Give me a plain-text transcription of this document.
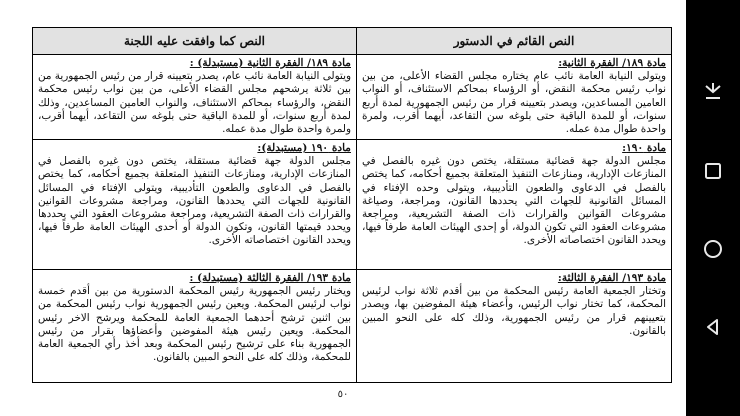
النص كما وافقت عليه اللجنة	النص القائم في الدستور
مادة ١٨٩/ الفقرة الثانية (مستبدلة) :
ويتولى النيابة العامة نائب عام، يصدر بتعيينه قرار من رئيس الجمهورية من بين ثلاثة يرشحهم مجلس القضاء الأعلى، من بين نواب رئيس محكمة النقض، والرؤساء بمحاكم الاستئناف، والنواب العامين المساعدين، وذلك لمدة أربع سنوات، أو للمدة الباقية حتى بلوغه سن التقاعد، أيهما أقرب، ولمرة واحدة طوال مدة عمله.
مادة ١٨٩/ الفقرة الثانية:
ويتولى النيابة العامة نائب عام يختاره مجلس القضاء الأعلى، من بين نواب رئيس محكمة النقض، أو الرؤساء بمحاكم الاستئناف، أو النواب العامين المساعدين، ويصدر بتعيينه قرار من رئيس الجمهورية لمدة أربع سنوات، أو للمدة الباقية حتى بلوغه سن التقاعد، أيهما أقرب، ولمرة واحدة طوال مدة عمله.
مادة ١٩٠ (مستبدلة):
مجلس الدولة جهة قضائية مستقلة، يختص دون غيره بالفصل في المنازعات الإدارية، ومنازعات التنفيذ المتعلقة بجميع أحكامه، كما يختص بالفصل في الدعاوى والطعون التأديبية، ويتولى الإفتاء في المسائل القانونية للجهات التي يحددها القانون، ومراجعة مشروعات القوانين والقرارات ذات الصفة التشريعية، ومراجعة مشروعات العقود التي يحددها ويحدد قيمتها القانون، وتكون الدولة أو أحدى الهيئات العامة طرفاً فيها، ويحدد القانون اختصاصاته الأخرى.
مادة ١٩٠:
مجلس الدولة جهة قضائية مستقلة، يختص دون غيره بالفصل في المنازعات الإدارية، ومنازعات التنفيذ المتعلقة بجميع أحكامه، كما يختص بالفصل في الدعاوى والطعون التأديبية، ويتولى وحده الإفتاء في المسائل القانونية للجهات التي يحددها القانون، ومراجعة، وصياغة مشروعات القوانين والقرارات ذات الصفة التشريعية، ومراجعة مشروعات العقود التي تكون الدولة، أو إحدى الهيئات العامة طرفاً فيها، ويحدد القانون اختصاصاته الأخرى.
مادة ١٩٣/ الفقرة الثالثة (مستبدلة) :
ويختار رئيس الجمهورية رئيس المحكمة الدستورية من بين أقدم خمسة نواب لرئيس المحكمة. ويعين رئيس الجمهورية نواب رئيس المحكمة من بين اثنين ترشح أحدهما الجمعية العامة للمحكمة ويرشح الاخر رئيس المحكمة. ويعين رئيس هيئة المفوضين وأعضاؤها بقرار من رئيس الجمهورية بناء على ترشيح رئيس المحكمة وبعد أخذ رأي الجمعية العامة للمحكمة، وذلك كله على النحو المبين بالقانون.
مادة ١٩٣/ الفقرة الثالثة:
وتختار الجمعية العامة رئيس المحكمة من بين أقدم ثلاثة نواب لرئيس المحكمة، كما تختار نواب الرئيس، وأعضاء هيئة المفوضين بها، ويصدر بتعيينهم قرار من رئيس الجمهورية، وذلك كله على النحو المبين بالقانون.
٥٠
